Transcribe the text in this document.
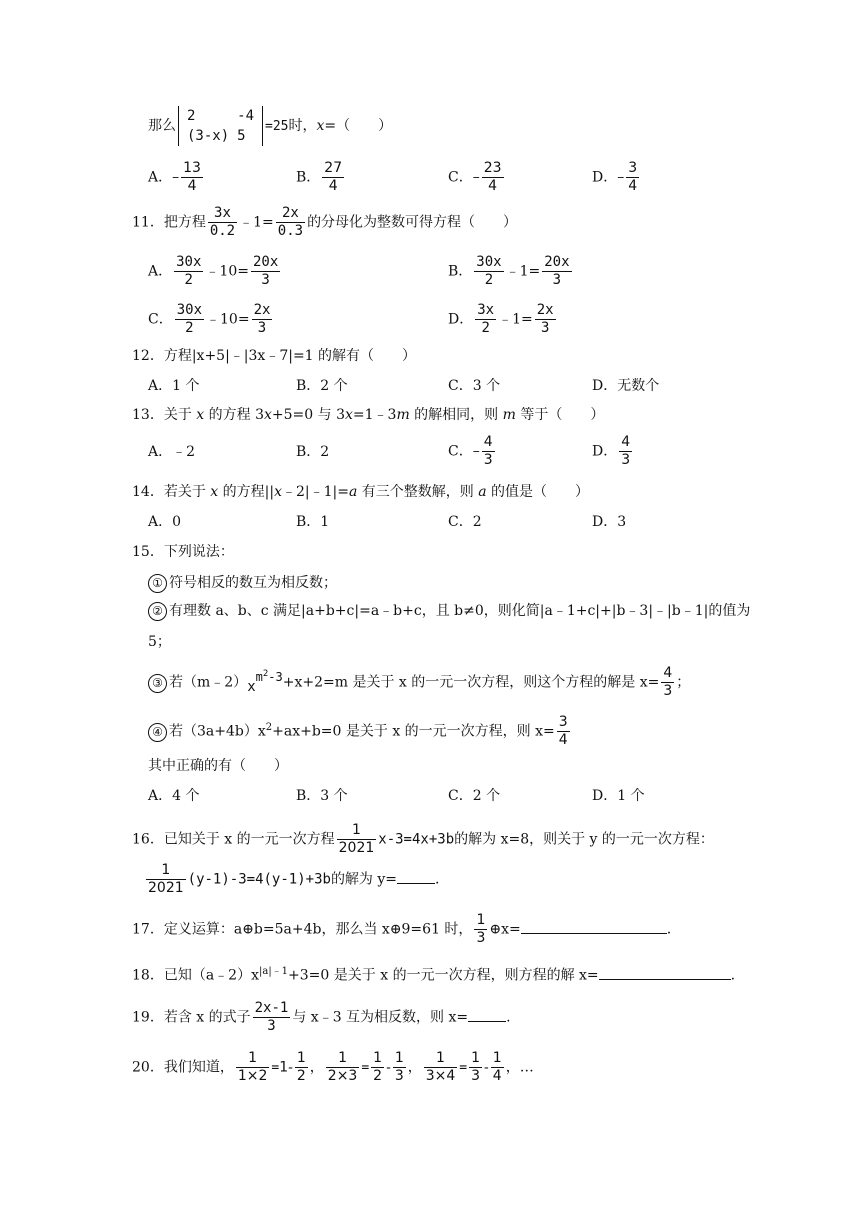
那么
2	-4
(3-x)	5
=25时，x=（　　）
A．– $\frac{13}{4}$	B． $\frac{27}{4}$	C．– $\frac{23}{4}$	D．– $\frac{3}{4}$
11．把方程 $\frac{3x}{0.2}$ ﹣1= $\frac{2x}{0.3}$ 的分母化为整数可得方程（　　）
A． $\frac{30x}{2}$ ﹣10= $\frac{20x}{3}$	B． $\frac{30x}{2}$ ﹣1= $\frac{20x}{3}$
C． $\frac{30x}{2}$ ﹣10= $\frac{2x}{3}$	D． $\frac{3x}{2}$ ﹣1= $\frac{2x}{3}$
12．方程|x+5|﹣|3x﹣7|=1 的解有（　　）
A．1 个	B．2 个	C．3 个	D．无数个
13．关于 x 的方程 3x+5=0 与 3x=1﹣3m 的解相同，则 m 等于（　　）
A．﹣2	B．2	C．– $\frac{4}{3}$	D． $\frac{4}{3}$
14．若关于 x 的方程||x﹣2|﹣1|=a 有三个整数解，则 a 的值是（　　）
A．0	B．1	C．2	D．3
15．下列说法：
① 符号相反的数互为相反数；
② 有理数 a、b、c 满足|a+b+c|=a﹣b+c，且 b≠0，则化简|a﹣1+c|+|b﹣3|﹣|b﹣1|的值为
5；
③ 若$(m﹣2)x^{m^2-3}+x+2=m$ 是关于 x 的一元一次方程，则这个方程的解是 $x= \frac{4}{3}$ ；
④ 若$(3a+4b)x^2+ax+b=0$ 是关于 x 的一元一次方程，则 $x= \frac{3}{4}$
其中正确的有（　　）
A．4 个	B．3 个	C．2 个	D．1 个
16．已知关于 x 的一元一次方程 $\frac{1}{2021} x-3=4x+3b$的解为 x=8，则关于 y 的一元一次方程：
$\frac{1}{2021} (y-1)-3=4(y-1)+3b$的解为 y=	.
17．定义运算：a⊕b=5a+4b，那么当 x⊕9=61 时， $\frac{1}{3}$ ⊕x=	.
18．已知$(a﹣2)x^{|a|﹣1}+3=0$ 是关于 x 的一元一次方程，则方程的解 x=	.
19．若含 x 的式子 $\frac{2x-1}{3}$ 与 x﹣3 互为相反数，则 x=	.
20．我们知道， $\frac{1}{1\times 2} =1- \frac{1}{2}$ ， $\frac{1}{2\times 3} = \frac{1}{2} - \frac{1}{3}$ ， $\frac{1}{3\times 4} = \frac{1}{3} - \frac{1}{4}$ ，…
